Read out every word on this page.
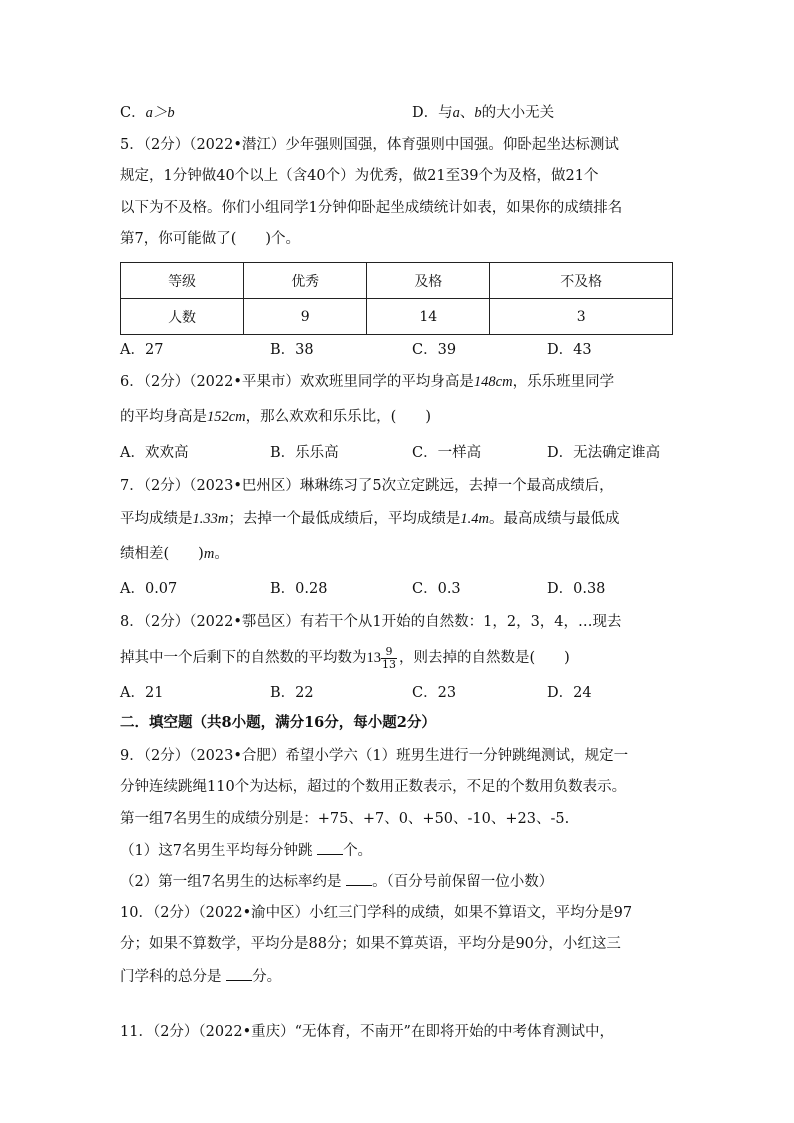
C．a＞b	D．与a、b的大小无关
5．（2分）（2022•潜江）少年强则国强，体育强则中国强。仰卧起坐达标测试
规定，1分钟做40个以上（含40个）为优秀，做21至39个为及格，做21个
以下为不及格。你们小组同学1分钟仰卧起坐成绩统计如表，如果你的成绩排名
第7，你可能做了(　　)个。
等级	优秀	及格	不及格
人数	9	14	3
A．27	B．38	C．39	D．43
6．（2分）（2022•平果市）欢欢班里同学的平均身高是148cm，乐乐班里同学
的平均身高是152cm，那么欢欢和乐乐比，(　　)
A．欢欢高	B．乐乐高	C．一样高	D．无法确定谁高
7．（2分）（2023•巴州区）琳琳练习了5次立定跳远，去掉一个最高成绩后，
平均成绩是1.33m；去掉一个最低成绩后，平均成绩是1.4m。最高成绩与最低成
绩相差(　　)m。
A．0.07	B．0.28	C．0.3	D．0.38
8．（2分）（2022•鄠邑区）有若干个从1开始的自然数：1，2，3，4，…现去
掉其中一个后剩下的自然数的平均数为$13 \frac{9}{13}$ ，则去掉的自然数是(　　)
A．21	B．22	C．23	D．24
二．填空题（共8小题，满分16分，每小题2分）
9．（2分）（2023•合肥）希望小学六（1）班男生进行一分钟跳绳测试，规定一
分钟连续跳绳110个为达标，超过的个数用正数表示，不足的个数用负数表示。
第一组7名男生的成绩分别是：+75、+7、0、+50、-10、+23、-5.
（1）这7名男生平均每分钟跳 个。
（2）第一组7名男生的达标率约是 。（百分号前保留一位小数）
10．（2分）（2022•渝中区）小红三门学科的成绩，如果不算语文，平均分是97
分；如果不算数学，平均分是88分；如果不算英语，平均分是90分，小红这三
门学科的总分是 分。
11．（2分）（2022•重庆）“无体育，不南开”在即将开始的中考体育测试中，
